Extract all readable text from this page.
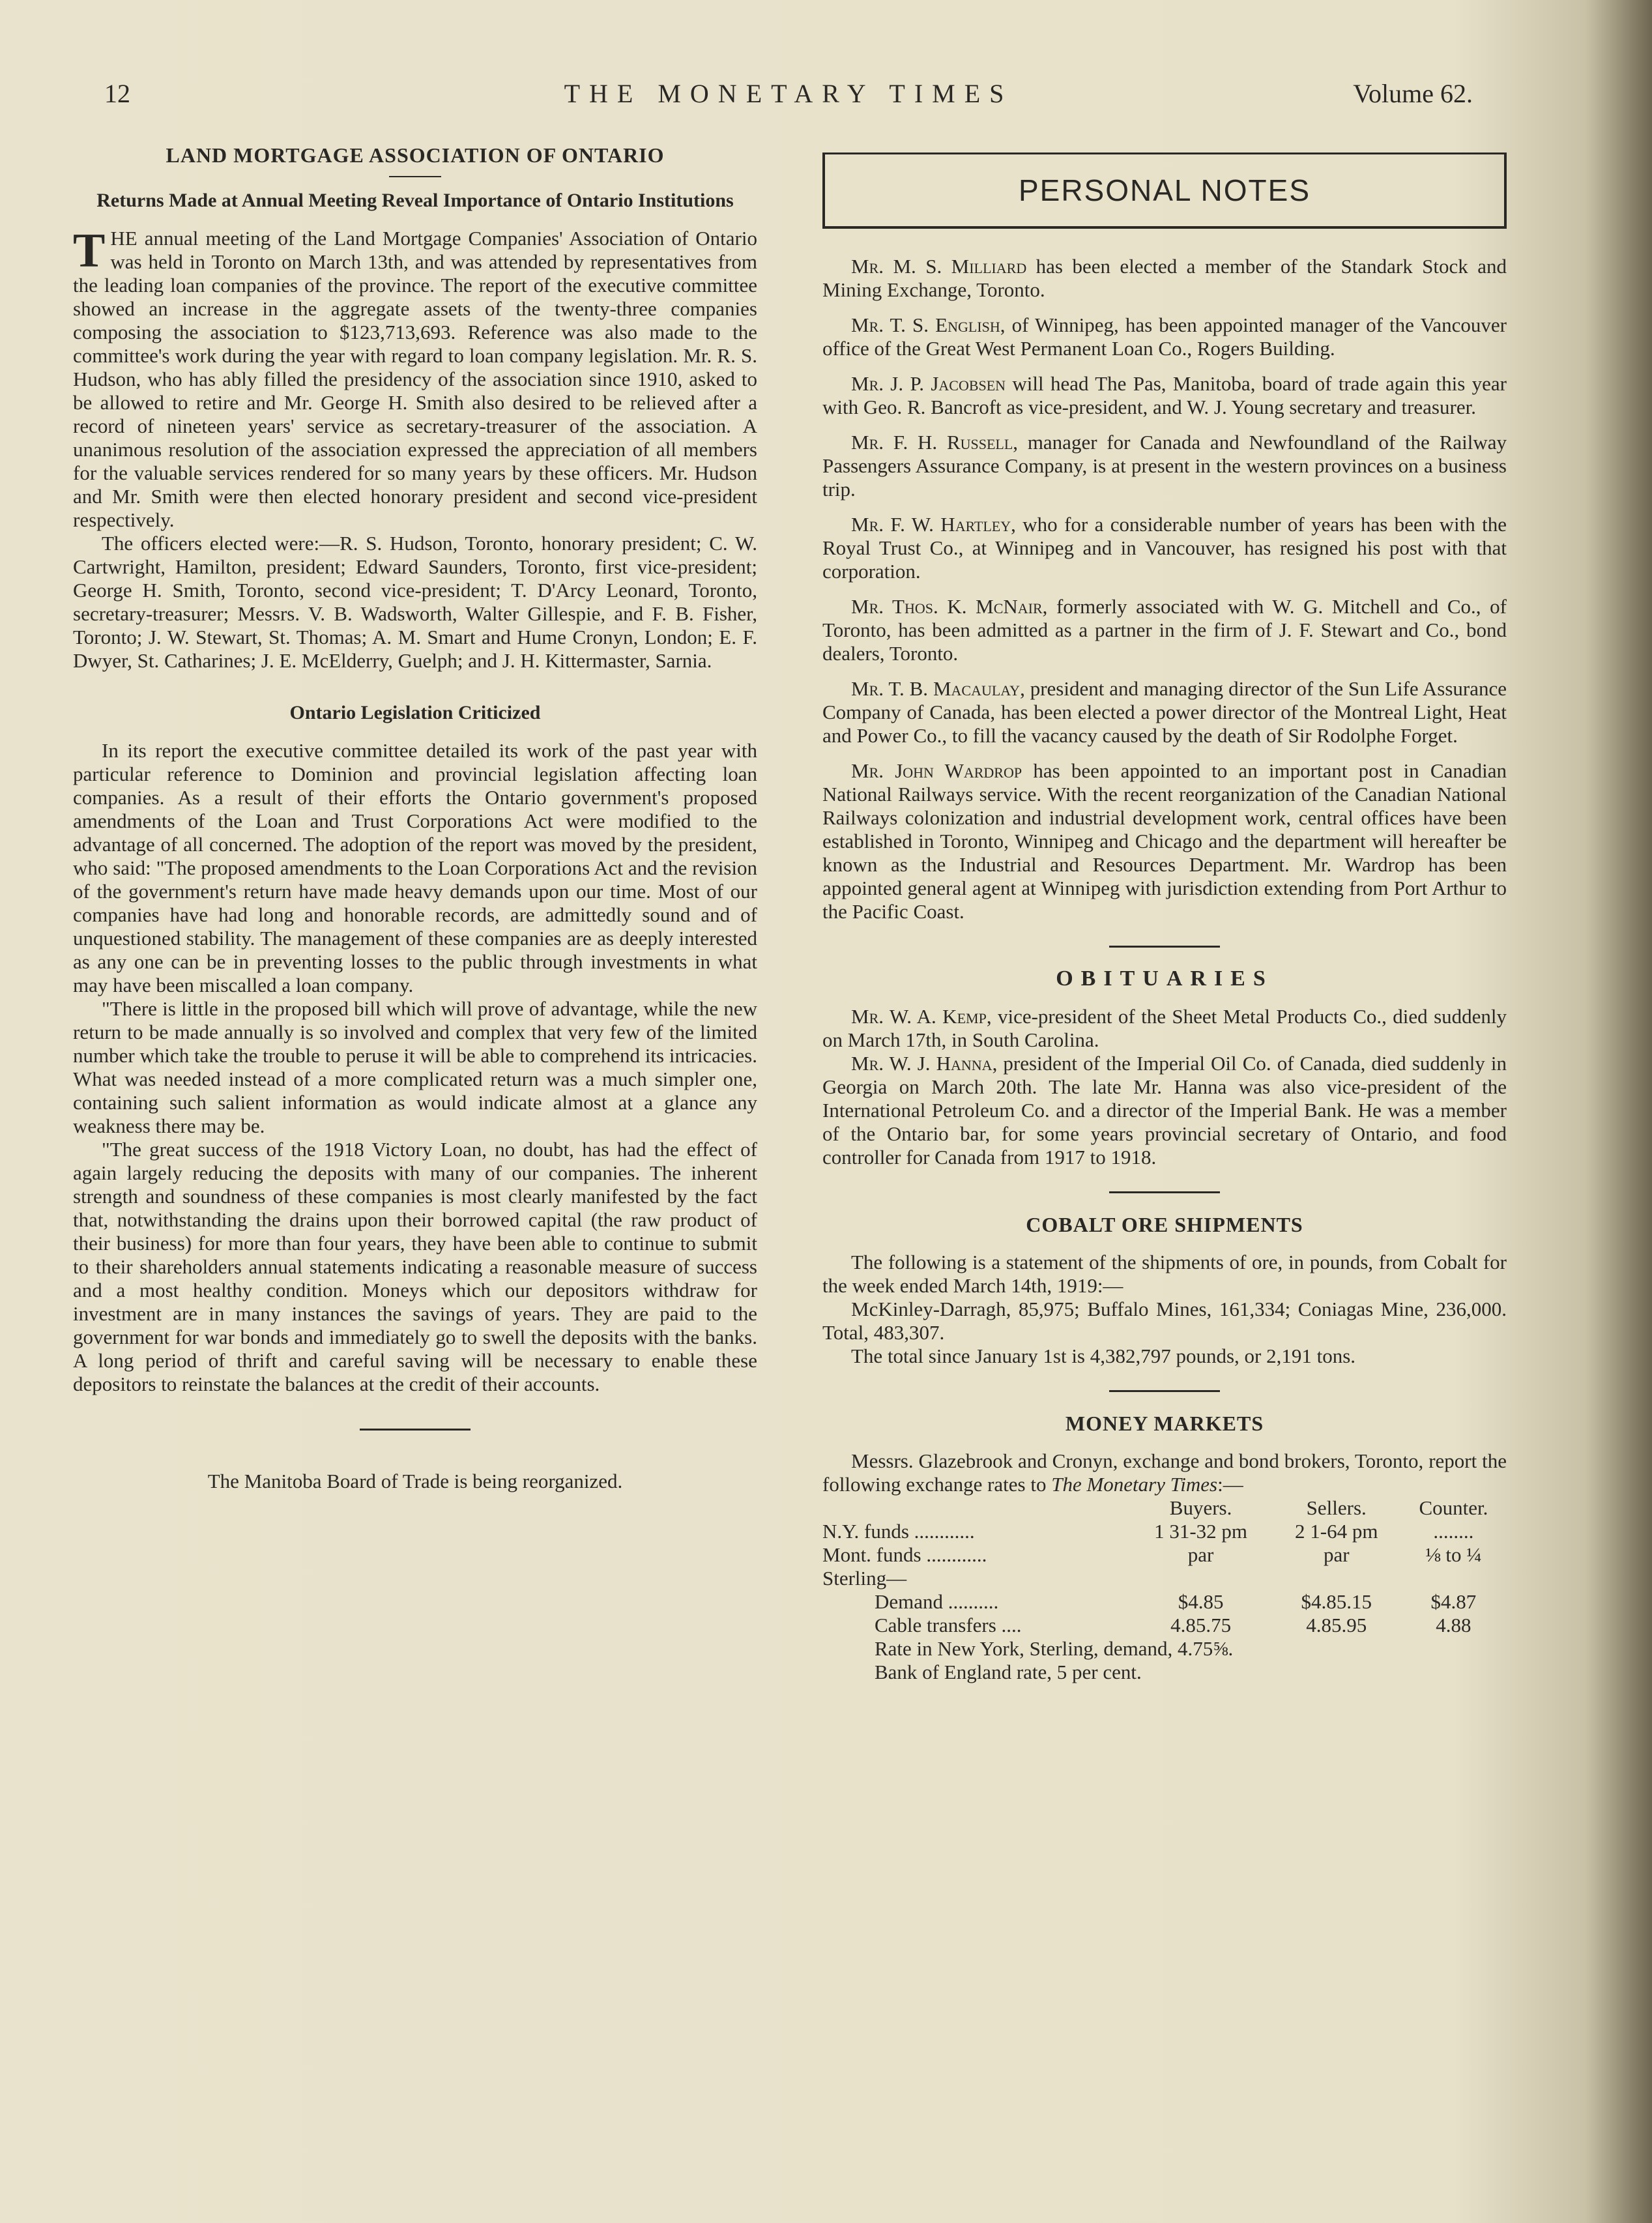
12	THE MONETARY TIMES	Volume 62.
LAND MORTGAGE ASSOCIATION OF ONTARIO
Returns Made at Annual Meeting Reveal Importance of Ontario Institutions

THE annual meeting of the Land Mortgage Companies' Association of Ontario was held in Toronto on March 13th, and was attended by representatives from the leading loan companies of the province. The report of the executive committee showed an increase in the aggregate assets of the twenty-three companies composing the association to $123,713,693. Reference was also made to the committee's work during the year with regard to loan company legislation. Mr. R. S. Hudson, who has ably filled the presidency of the association since 1910, asked to be allowed to retire and Mr. George H. Smith also desired to be relieved after a record of nineteen years' service as secretary-treasurer of the association. A unanimous resolution of the association expressed the appreciation of all members for the valuable services rendered for so many years by these officers. Mr. Hudson and Mr. Smith were then elected honorary president and second vice-president respectively.

The officers elected were:—R. S. Hudson, Toronto, honorary president; C. W. Cartwright, Hamilton, president; Edward Saunders, Toronto, first vice-president; George H. Smith, Toronto, second vice-president; T. D'Arcy Leonard, Toronto, secretary-treasurer; Messrs. V. B. Wadsworth, Walter Gillespie, and F. B. Fisher, Toronto; J. W. Stewart, St. Thomas; A. M. Smart and Hume Cronyn, London; E. F. Dwyer, St. Catharines; J. E. McElderry, Guelph; and J. H. Kittermaster, Sarnia.

Ontario Legislation Criticized

In its report the executive committee detailed its work of the past year with particular reference to Dominion and provincial legislation affecting loan companies. As a result of their efforts the Ontario government's proposed amendments of the Loan and Trust Corporations Act were modified to the advantage of all concerned. The adoption of the report was moved by the president, who said: "The proposed amendments to the Loan Corporations Act and the revision of the government's return have made heavy demands upon our time. Most of our companies have had long and honorable records, are admittedly sound and of unquestioned stability. The management of these companies are as deeply interested as any one can be in preventing losses to the public through investments in what may have been miscalled a loan company.

"There is little in the proposed bill which will prove of advantage, while the new return to be made annually is so involved and complex that very few of the limited number which take the trouble to peruse it will be able to comprehend its intricacies. What was needed instead of a more complicated return was a much simpler one, containing such salient information as would indicate almost at a glance any weakness there may be.

"The great success of the 1918 Victory Loan, no doubt, has had the effect of again largely reducing the deposits with many of our companies. The inherent strength and soundness of these companies is most clearly manifested by the fact that, notwithstanding the drains upon their borrowed capital (the raw product of their business) for more than four years, they have been able to continue to submit to their shareholders annual statements indicating a reasonable measure of success and a most healthy condition. Moneys which our depositors withdraw for investment are in many instances the savings of years. They are paid to the government for war bonds and immediately go to swell the deposits with the banks. A long period of thrift and careful saving will be necessary to enable these depositors to reinstate the balances at the credit of their accounts.

The Manitoba Board of Trade is being reorganized.

PERSONAL NOTES

Mr. M. S. Milliard has been elected a member of the Standark Stock and Mining Exchange, Toronto.

Mr. T. S. English, of Winnipeg, has been appointed manager of the Vancouver office of the Great West Permanent Loan Co., Rogers Building.

Mr. J. P. Jacobsen will head The Pas, Manitoba, board of trade again this year with Geo. R. Bancroft as vice-president, and W. J. Young secretary and treasurer.

Mr. F. H. Russell, manager for Canada and Newfoundland of the Railway Passengers Assurance Company, is at present in the western provinces on a business trip.

Mr. F. W. Hartley, who for a considerable number of years has been with the Royal Trust Co., at Winnipeg and in Vancouver, has resigned his post with that corporation.

Mr. Thos. K. McNair, formerly associated with W. G. Mitchell and Co., of Toronto, has been admitted as a partner in the firm of J. F. Stewart and Co., bond dealers, Toronto.

Mr. T. B. Macaulay, president and managing director of the Sun Life Assurance Company of Canada, has been elected a power director of the Montreal Light, Heat and Power Co., to fill the vacancy caused by the death of Sir Rodolphe Forget.

Mr. John Wardrop has been appointed to an important post in Canadian National Railways service. With the recent reorganization of the Canadian National Railways colonization and industrial development work, central offices have been established in Toronto, Winnipeg and Chicago and the department will hereafter be known as the Industrial and Resources Department. Mr. Wardrop has been appointed general agent at Winnipeg with jurisdiction extending from Port Arthur to the Pacific Coast.

OBITUARIES

Mr. W. A. Kemp, vice-president of the Sheet Metal Products Co., died suddenly on March 17th, in South Carolina.

Mr. W. J. Hanna, president of the Imperial Oil Co. of Canada, died suddenly in Georgia on March 20th. The late Mr. Hanna was also vice-president of the International Petroleum Co. and a director of the Imperial Bank. He was a member of the Ontario bar, for some years provincial secretary of Ontario, and food controller for Canada from 1917 to 1918.

COBALT ORE SHIPMENTS

The following is a statement of the shipments of ore, in pounds, from Cobalt for the week ended March 14th, 1919:—

McKinley-Darragh, 85,975; Buffalo Mines, 161,334; Coniagas Mine, 236,000. Total, 483,307.

The total since January 1st is 4,382,797 pounds, or 2,191 tons.

MONEY MARKETS

Messrs. Glazebrook and Cronyn, exchange and bond brokers, Toronto, report the following exchange rates to The Monetary Times:—

	Buyers.	Sellers.	Counter.
N.Y. funds ............	1 31-32 pm	2 1-64 pm	........
Mont. funds ............	par	par	⅛ to ¼
Sterling—			
Demand ..........	$4.85	$4.85.15	$4.87
Cable transfers ....	4.85.75	4.85.95	4.88

Rate in New York, Sterling, demand, 4.75⅝.

Bank of England rate, 5 per cent.
